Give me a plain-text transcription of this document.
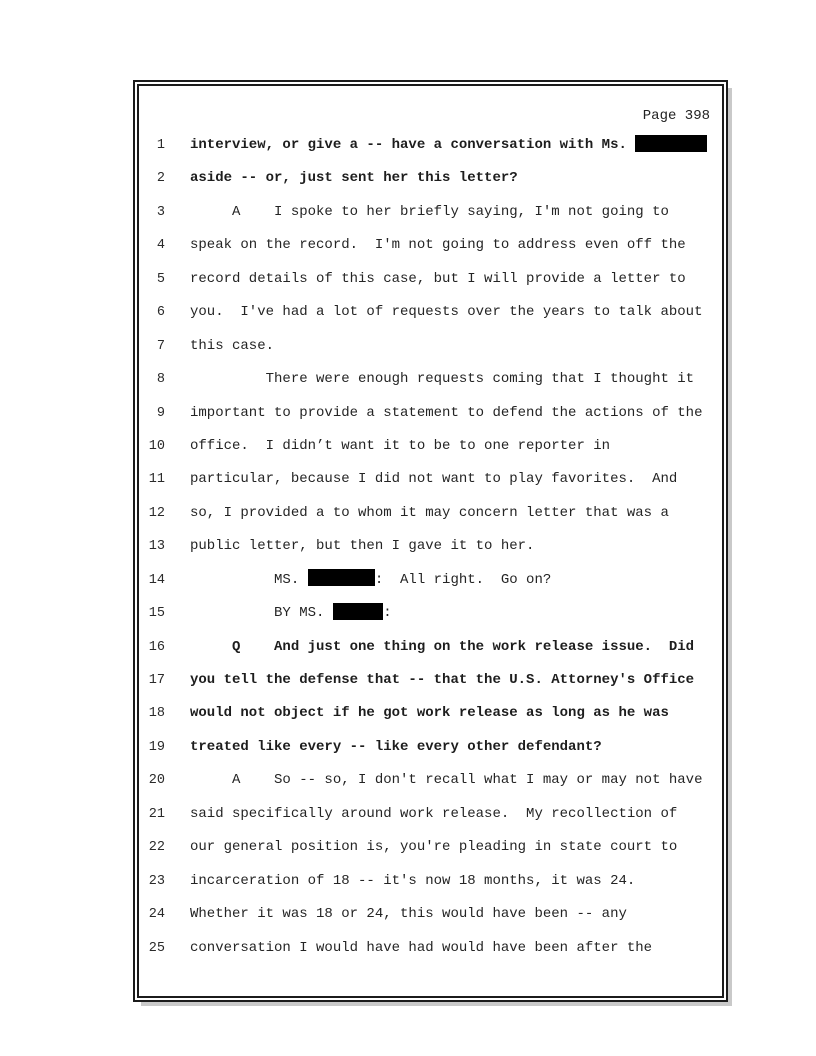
Page 398
1 interview, or give a -- have a conversation with Ms.
2 aside -- or, just sent her this letter?
3     A    I spoke to her briefly saying, I'm not going to
4 speak on the record.  I'm not going to address even off the
5 record details of this case, but I will provide a letter to
6 you.  I've had a lot of requests over the years to talk about
7 this case.
8         There were enough requests coming that I thought it
9 important to provide a statement to defend the actions of the
10 office.  I didn’t want it to be to one reporter in
11 particular, because I did not want to play favorites.  And
12 so, I provided a to whom it may concern letter that was a
13 public letter, but then I gave it to her.
14          MS.	:  All right.  Go on?
15          BY MS.	:
16     Q    And just one thing on the work release issue.  Did
17 you tell the defense that -- that the U.S. Attorney's Office
18 would not object if he got work release as long as he was
19 treated like every -- like every other defendant?
20     A    So -- so, I don't recall what I may or may not have
21 said specifically around work release.  My recollection of
22 our general position is, you're pleading in state court to
23 incarceration of 18 -- it's now 18 months, it was 24.
24 Whether it was 18 or 24, this would have been -- any
25 conversation I would have had would have been after the
